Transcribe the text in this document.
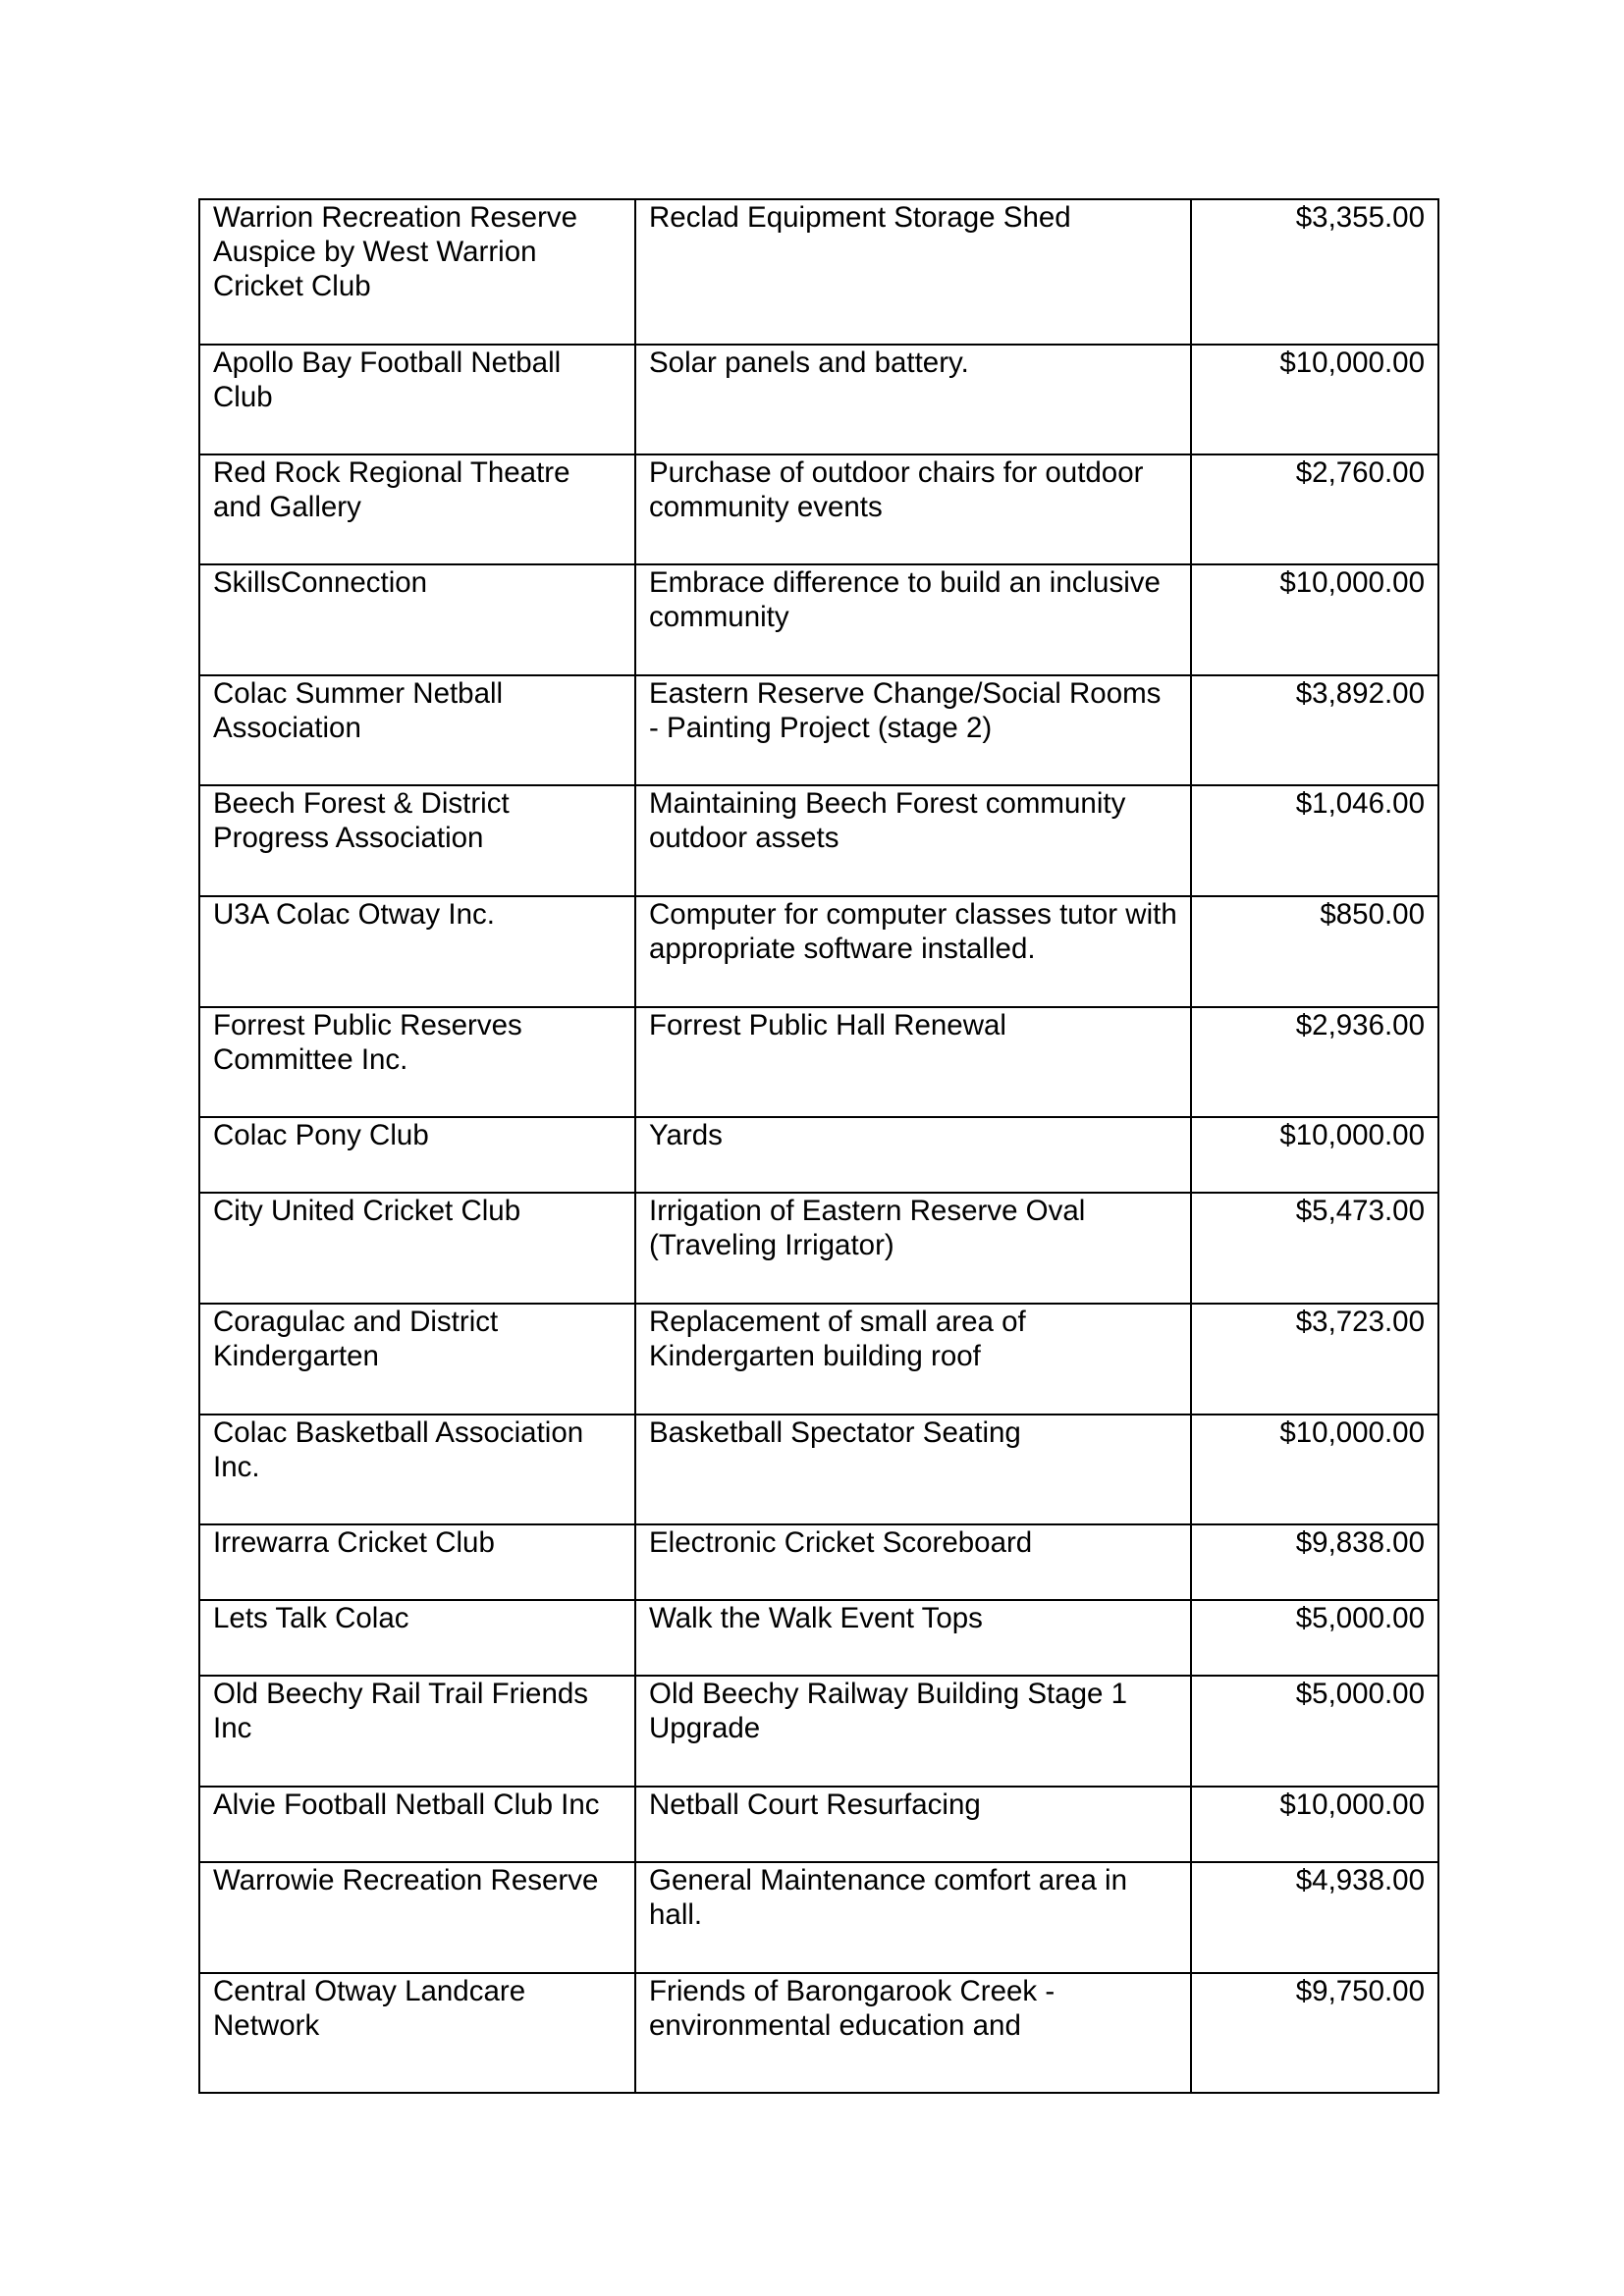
Warrion Recreation Reserve Auspice by West Warrion Cricket Club	Reclad Equipment Storage Shed	$3,355.00

Apollo Bay Football Netball Club	Solar panels and battery.	$10,000.00

Red Rock Regional Theatre and Gallery	Purchase of outdoor chairs for outdoor community events	$2,760.00

SkillsConnection	Embrace difference to build an inclusive community	$10,000.00

Colac Summer Netball Association	Eastern Reserve Change/Social Rooms - Painting Project (stage 2)	$3,892.00

Beech Forest & District Progress Association	Maintaining Beech Forest community outdoor assets	$1,046.00

U3A Colac Otway Inc.	Computer for computer classes tutor with appropriate software installed.	$850.00

Forrest Public Reserves Committee Inc.	Forrest Public Hall Renewal	$2,936.00

Colac Pony Club	Yards	$10,000.00

City United Cricket Club	Irrigation of Eastern Reserve Oval (Traveling Irrigator)	$5,473.00

Coragulac and District Kindergarten	Replacement of small area of Kindergarten building roof	$3,723.00

Colac Basketball Association Inc.	Basketball Spectator Seating	$10,000.00

Irrewarra Cricket Club	Electronic Cricket Scoreboard	$9,838.00

Lets Talk Colac	Walk the Walk Event Tops	$5,000.00

Old Beechy Rail Trail Friends Inc	Old Beechy Railway Building Stage 1 Upgrade	$5,000.00

Alvie Football Netball Club Inc	Netball Court Resurfacing	$10,000.00

Warrowie Recreation Reserve	General Maintenance comfort area in hall.	$4,938.00

Central Otway Landcare Network	Friends of Barongarook Creek - environmental education and	$9,750.00
